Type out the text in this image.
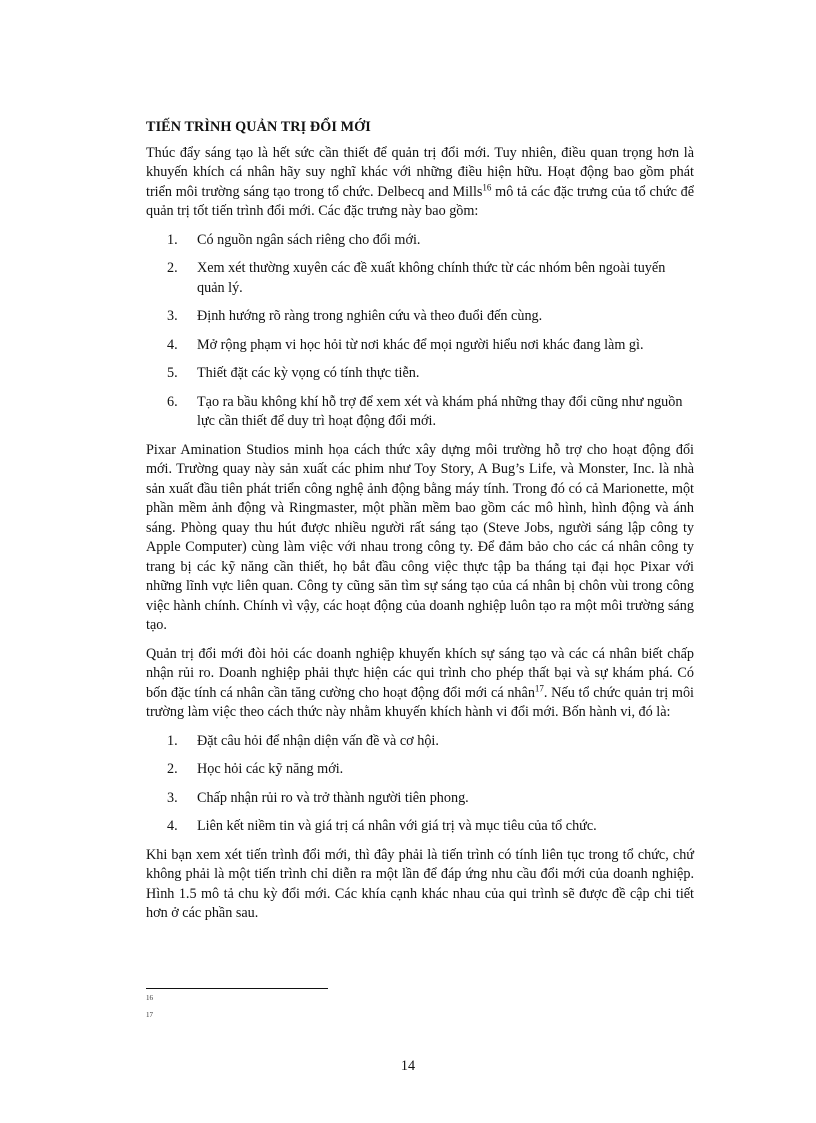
TIẾN TRÌNH QUẢN TRỊ ĐỔI MỚI

Thúc đẩy sáng tạo là hết sức cần thiết để quản trị đổi mới. Tuy nhiên, điều quan trọng hơn là khuyến khích cá nhân hãy suy nghĩ khác với những điều hiện hữu. Hoạt động bao gồm phát triển môi trường sáng tạo trong tổ chức. Delbecq and Mills$^{16}$ mô tả các đặc trưng của tổ chức để quản trị tốt tiến trình đổi mới. Các đặc trưng này bao gồm:

1. Có nguồn ngân sách riêng cho đổi mới.
2. Xem xét thường xuyên các đề xuất không chính thức từ các nhóm bên ngoài tuyến quản lý.
3. Định hướng rõ ràng trong nghiên cứu và theo đuổi đến cùng.
4. Mở rộng phạm vi học hỏi từ nơi khác để mọi người hiểu nơi khác đang làm gì.
5. Thiết đặt các kỳ vọng có tính thực tiễn.
6. Tạo ra bầu không khí hỗ trợ để xem xét và khám phá những thay đổi cũng như nguồn lực cần thiết để duy trì hoạt động đổi mới.

Pixar Amination Studios minh họa cách thức xây dựng môi trường hỗ trợ cho hoạt động đổi mới. Trường quay này sản xuất các phim như Toy Story, A Bug’s Life, và Monster, Inc. là nhà sản xuất đầu tiên phát triển công nghệ ảnh động bằng máy tính. Trong đó có cả Marionette, một phần mềm ảnh động và Ringmaster, một phần mềm bao gồm các mô hình, hình động và ánh sáng. Phòng quay thu hút được nhiều người rất sáng tạo (Steve Jobs, người sáng lập công ty Apple Computer) cùng làm việc với nhau trong công ty. Để đảm bảo cho các cá nhân công ty trang bị các kỹ năng cần thiết, họ bắt đầu công việc thực tập ba tháng tại đại học Pixar với những lĩnh vực liên quan. Công ty cũng săn tìm sự sáng tạo của cá nhân bị chôn vùi trong công việc hành chính. Chính vì vậy, các hoạt động của doanh nghiệp luôn tạo ra một môi trường sáng tạo.

Quản trị đổi mới đòi hỏi các doanh nghiệp khuyến khích sự sáng tạo và các cá nhân biết chấp nhận rủi ro. Doanh nghiệp phải thực hiện các qui trình cho phép thất bại và sự khám phá. Có bốn đặc tính cá nhân cần tăng cường cho hoạt động đổi mới cá nhân$^{17}$. Nếu tổ chức quản trị môi trường làm việc theo cách thức này nhằm khuyến khích hành vi đổi mới. Bốn hành vi, đó là:

1. Đặt câu hỏi để nhận diện vấn đề và cơ hội.
2. Học hỏi các kỹ năng mới.
3. Chấp nhận rủi ro và trở thành người tiên phong.
4. Liên kết niềm tin và giá trị cá nhân với giá trị và mục tiêu của tổ chức.

Khi bạn xem xét tiến trình đổi mới, thì đây phải là tiến trình có tính liên tục trong tổ chức, chứ không phải là một tiến trình chỉ diễn ra một lần để đáp ứng nhu cầu đổi mới của doanh nghiệp. Hình 1.5 mô tả chu kỳ đổi mới. Các khía cạnh khác nhau của qui trình sẽ được đề cập chi tiết hơn ở các phần sau.

16
17
14
